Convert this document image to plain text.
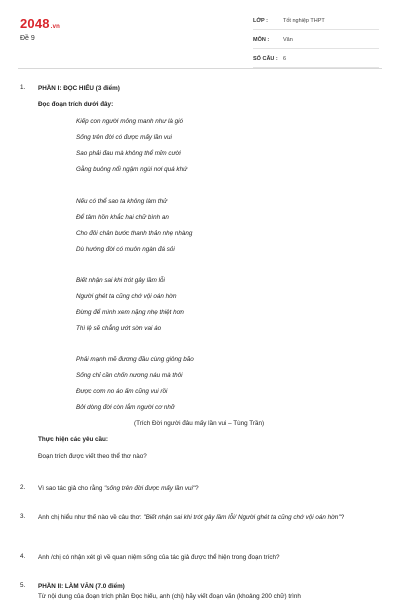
2048.vn
Đề 9
LỚP :	Tốt nghiệp THPT
MÔN :	Văn
SỐ CÂU : 6
1. PHẦN I: ĐỌC HIỂU (3 điểm)
Đọc đoạn trích dưới đây:
Kiếp con người mỏng manh như là gió
Sống trên đời có được mấy lần vui
Sao phải đau mà không thể mỉm cười
Gằng buông nổi ngậm ngùi nơi quá khứ
Nếu có thể sao ta không làm thử
Để tâm hồn khắc hai chữ bình an
Cho đôi chân bước thanh thản nhẹ nhàng
Dù hướng đời có muôn ngàn đá sỏi
Biết nhận sai khi trót gây lầm lỗi
Người ghét ta cũng chớ vội oán hờn
Đừng để mình xem nặng nhẹ thiệt hơn
Thì lệ sẽ chẳng ướt sờn vai áo
Phải mạnh mẽ đương đầu cùng giông bão
Sống chỉ cần chốn nương náu mà thôi
Được cơm no áo ấm cũng vui rồi
Bởi dòng đời còn lắm người cơ nhỡ
(Trích Đời người đâu mấy lần vui – Tùng Trần)
Thực hiện các yêu cầu:
Đoạn trích được viết theo thể thơ nào?
2. Vì sao tác giả cho rằng "sống trên đời được mấy lần vui"?
3. Anh chị hiểu như thế nào về câu thơ: "Biết nhận sai khi trót gây lầm lỗi/ Người ghét ta cũng chớ vội oán hờn"?
4. Anh /chị có nhận xét gì về quan niệm sống của tác giả được thể hiện trong đoạn trích?
5. PHẦN II: LÀM VĂN (7.0 điểm)
Từ nội dung của đoạn trích phần Đọc hiểu, anh (chị) hãy viết đoạn văn (khoảng 200 chữ) trình
